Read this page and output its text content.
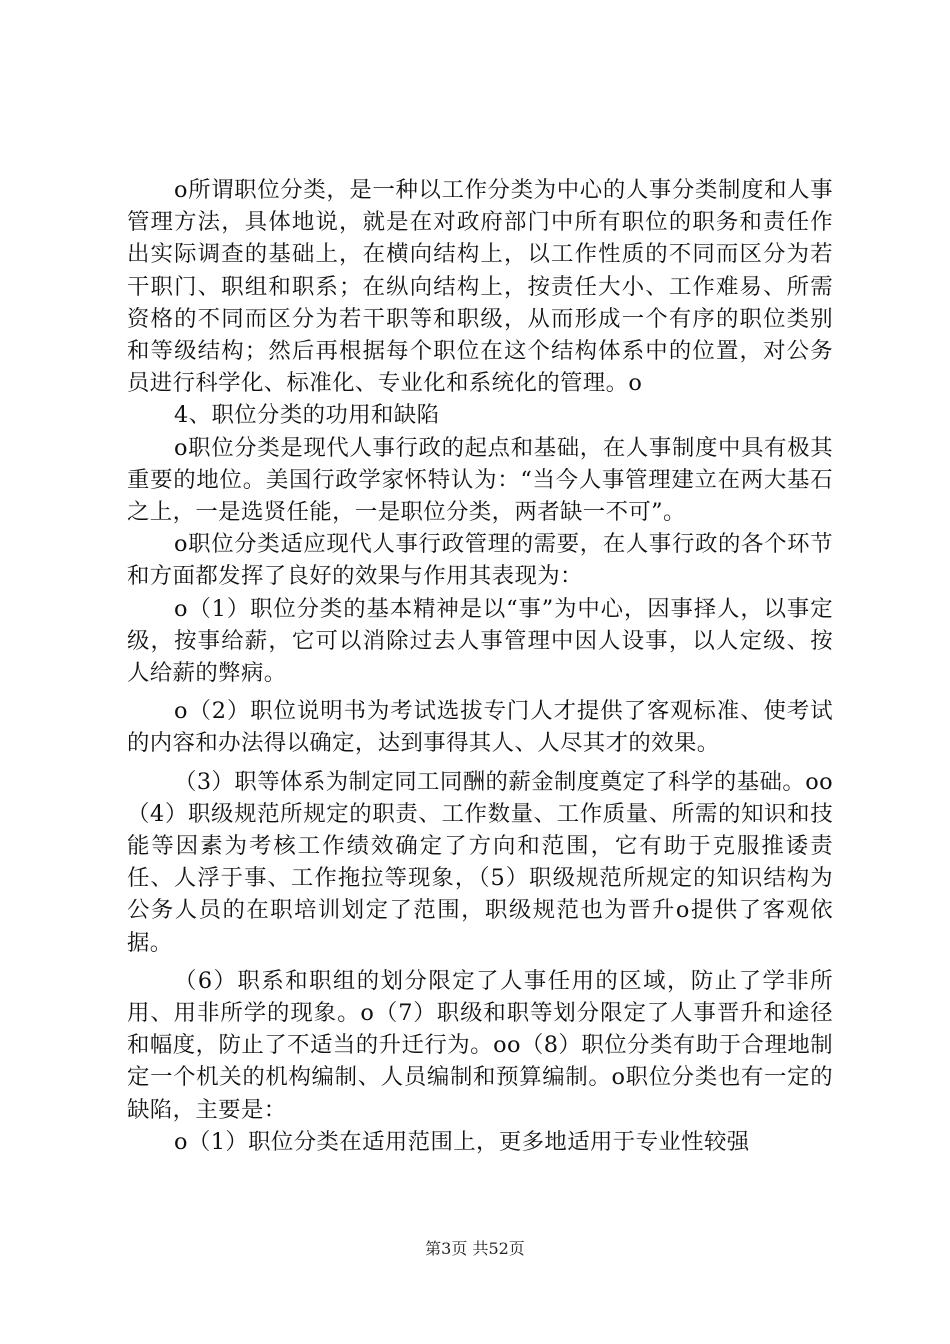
o所谓职位分类，是一种以工作分类为中心的人事分类制度和人事管理方法，具体地说，就是在对政府部门中所有职位的职务和责任作出实际调查的基础上，在横向结构上，以工作性质的不同而区分为若干职门、职组和职系；在纵向结构上，按责任大小、工作难易、所需资格的不同而区分为若干职等和职级，从而形成一个有序的职位类别和等级结构；然后再根据每个职位在这个结构体系中的位置，对公务员进行科学化、标准化、专业化和系统化的管理。o

4、职位分类的功用和缺陷

o职位分类是现代人事行政的起点和基础，在人事制度中具有极其重要的地位。美国行政学家怀特认为：“当今人事管理建立在两大基石之上，一是选贤任能，一是职位分类，两者缺一不可”。

o职位分类适应现代人事行政管理的需要，在人事行政的各个环节和方面都发挥了良好的效果与作用其表现为：

o（1）职位分类的基本精神是以“事”为中心，因事择人，以事定级，按事给薪，它可以消除过去人事管理中因人设事，以人定级、按人给薪的弊病。

o（2）职位说明书为考试选拔专门人才提供了客观标准、使考试的内容和办法得以确定，达到事得其人、人尽其才的效果。

（3）职等体系为制定同工同酬的薪金制度奠定了科学的基础。oo（4）职级规范所规定的职责、工作数量、工作质量、所需的知识和技能等因素为考核工作绩效确定了方向和范围，它有助于克服推诿责任、人浮于事、工作拖拉等现象，（5）职级规范所规定的知识结构为公务人员的在职培训划定了范围，职级规范也为晋升o提供了客观依据。

（6）职系和职组的划分限定了人事任用的区域，防止了学非所用、用非所学的现象。o（7）职级和职等划分限定了人事晋升和途径和幅度，防止了不适当的升迁行为。oo（8）职位分类有助于合理地制定一个机关的机构编制、人员编制和预算编制。o职位分类也有一定的缺陷，主要是：

o（1）职位分类在适用范围上，更多地适用于专业性较强

第3页 共52页
